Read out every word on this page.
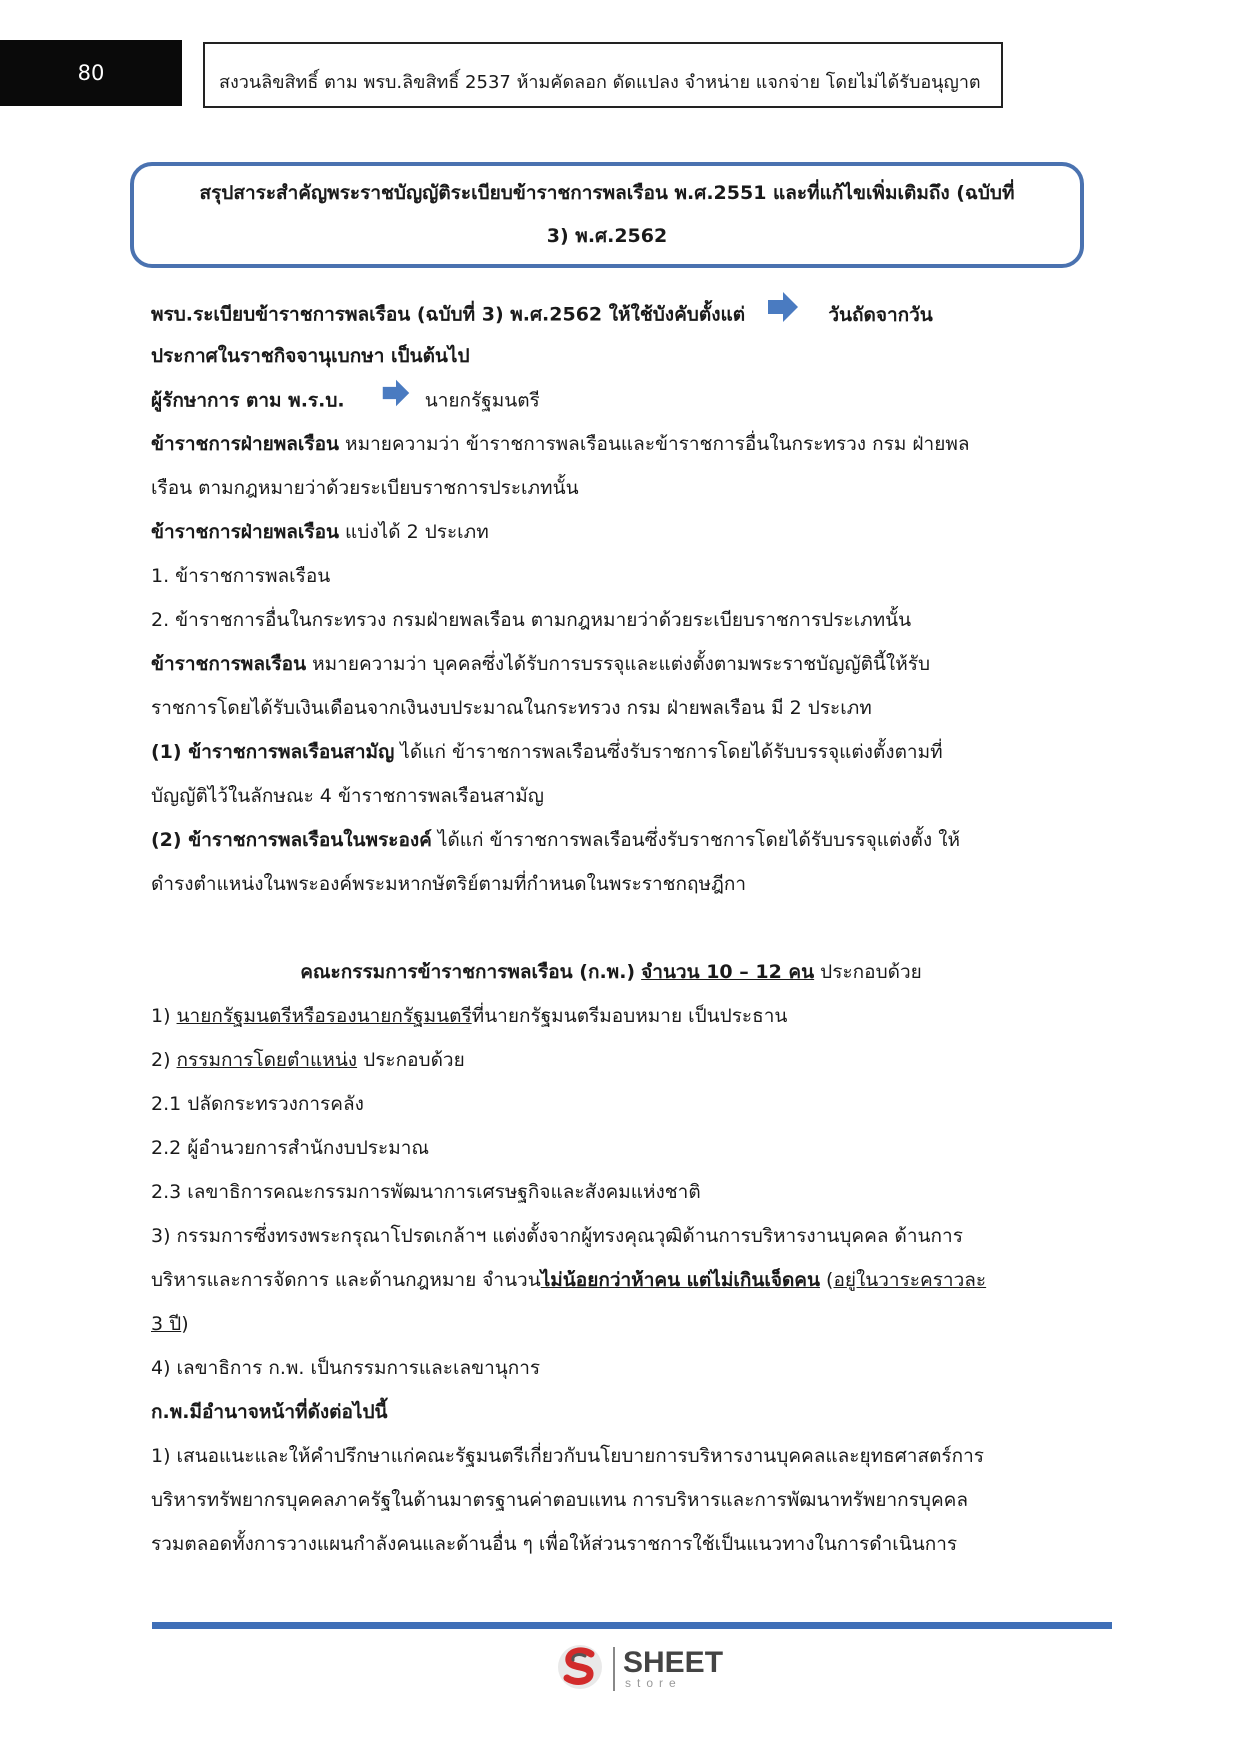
80	สงวนลิขสิทธิ์ ตาม พรบ.ลิขสิทธิ์ 2537 ห้ามคัดลอก ดัดแปลง จำหน่าย แจกจ่าย โดยไม่ได้รับอนุญาต
สรุปสาระสำคัญพระราชบัญญัติระเบียบข้าราชการพลเรือน พ.ศ.2551 และที่แก้ไขเพิ่มเติมถึง (ฉบับที่
3) พ.ศ.2562
พรบ.ระเบียบข้าราชการพลเรือน (ฉบับที่ 3) พ.ศ.2562 ให้ใช้บังคับตั้งแต่	วันถัดจากวัน
ประกาศในราชกิจจานุเบกษา เป็นต้นไป
ผู้รักษาการ ตาม พ.ร.บ.	นายกรัฐมนตรี
ข้าราชการฝ่ายพลเรือน หมายความว่า ข้าราชการพลเรือนและข้าราชการอื่นในกระทรวง กรม ฝ่ายพล
เรือน ตามกฎหมายว่าด้วยระเบียบราชการประเภทนั้น
ข้าราชการฝ่ายพลเรือน แบ่งได้ 2 ประเภท
1. ข้าราชการพลเรือน
2. ข้าราชการอื่นในกระทรวง กรมฝ่ายพลเรือน ตามกฎหมายว่าด้วยระเบียบราชการประเภทนั้น
ข้าราชการพลเรือน หมายความว่า บุคคลซึ่งได้รับการบรรจุและแต่งตั้งตามพระราชบัญญัตินี้ให้รับ
ราชการโดยได้รับเงินเดือนจากเงินงบประมาณในกระทรวง กรม ฝ่ายพลเรือน มี 2 ประเภท
(1) ข้าราชการพลเรือนสามัญ ได้แก่ ข้าราชการพลเรือนซึ่งรับราชการโดยได้รับบรรจุแต่งตั้งตามที่
บัญญัติไว้ในลักษณะ 4 ข้าราชการพลเรือนสามัญ
(2) ข้าราชการพลเรือนในพระองค์ ได้แก่ ข้าราชการพลเรือนซึ่งรับราชการโดยได้รับบรรจุแต่งตั้ง ให้
ดำรงตำแหน่งในพระองค์พระมหากษัตริย์ตามที่กำหนดในพระราชกฤษฎีกา
คณะกรรมการข้าราชการพลเรือน (ก.พ.) จำนวน 10 – 12 คน ประกอบด้วย
1) นายกรัฐมนตรีหรือรองนายกรัฐมนตรีที่นายกรัฐมนตรีมอบหมาย เป็นประธาน
2) กรรมการโดยตำแหน่ง ประกอบด้วย
2.1 ปลัดกระทรวงการคลัง
2.2 ผู้อำนวยการสำนักงบประมาณ
2.3 เลขาธิการคณะกรรมการพัฒนาการเศรษฐกิจและสังคมแห่งชาติ
3) กรรมการซึ่งทรงพระกรุณาโปรดเกล้าฯ แต่งตั้งจากผู้ทรงคุณวุฒิด้านการบริหารงานบุคคล ด้านการ
บริหารและการจัดการ และด้านกฎหมาย จำนวนไม่น้อยกว่าห้าคน แต่ไม่เกินเจ็ดคน (อยู่ในวาระคราวละ
3 ปี)
4) เลขาธิการ ก.พ. เป็นกรรมการและเลขานุการ
ก.พ.มีอำนาจหน้าที่ดังต่อไปนี้
1) เสนอแนะและให้คำปรึกษาแก่คณะรัฐมนตรีเกี่ยวกับนโยบายการบริหารงานบุคคลและยุทธศาสตร์การ
บริหารทรัพยากรบุคคลภาครัฐในด้านมาตรฐานค่าตอบแทน การบริหารและการพัฒนาทรัพยากรบุคคล
รวมตลอดทั้งการวางแผนกำลังคนและด้านอื่น ๆ เพื่อให้ส่วนราชการใช้เป็นแนวทางในการดำเนินการ
SHEET
store
